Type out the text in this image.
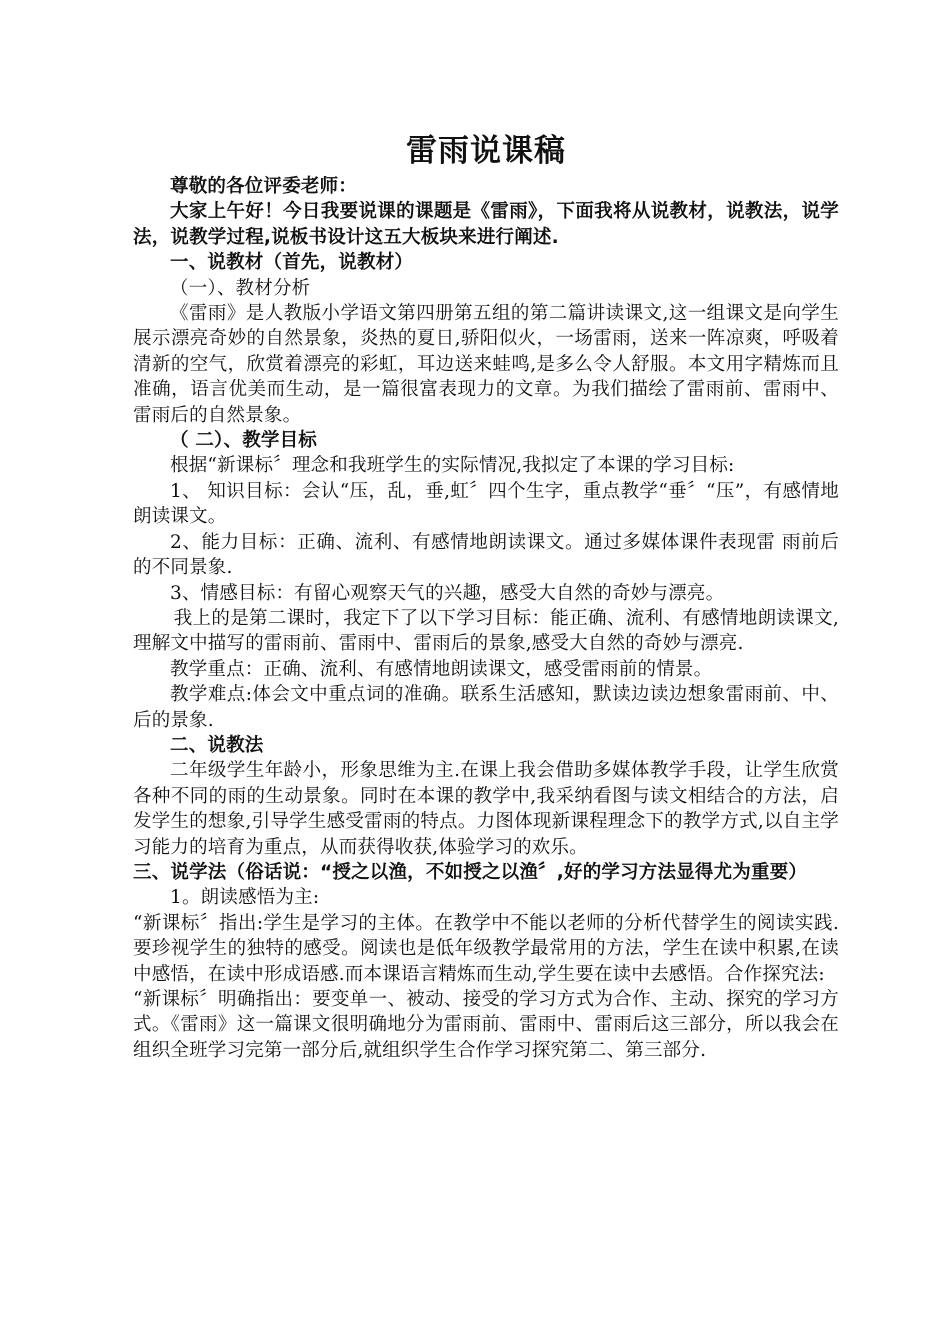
雷雨说课稿

尊敬的各位评委老师：

大家上午好！今日我要说课的课题是《雷雨》，下面我将从说教材，说教法，说学法，说教学过程,说板书设计这五大板块来进行阐述.

一、说教材（首先，说教材）

（一）、教材分析

《雷雨》是人教版小学语文第四册第五组的第二篇讲读课文,这一组课文是向学生展示漂亮奇妙的自然景象，炎热的夏日,骄阳似火，一场雷雨，送来一阵凉爽，呼吸着清新的空气，欣赏着漂亮的彩虹，耳边送来蛙鸣,是多么令人舒服。本文用字精炼而且准确，语言优美而生动，是一篇很富表现力的文章。为我们描绘了雷雨前、雷雨中、雷雨后的自然景象。

（ 二）、教学目标

根据“新课标〞理念和我班学生的实际情况,我拟定了本课的学习目标:

1、 知识目标：会认“压，乱，垂,虹〞四个生字，重点教学“垂〞“压”，有感情地朗读课文。

2、能力目标：正确、流利、有感情地朗读课文。通过多媒体课件表现雷 雨前后的不同景象.

3、情感目标：有留心观察天气的兴趣，感受大自然的奇妙与漂亮。

我上的是第二课时，我定下了以下学习目标：能正确、流利、有感情地朗读课文,理解文中描写的雷雨前、雷雨中、雷雨后的景象,感受大自然的奇妙与漂亮.

教学重点：正确、流利、有感情地朗读课文，感受雷雨前的情景。

教学难点:体会文中重点词的准确。联系生活感知，默读边读边想象雷雨前、中、后的景象.

二、说教法

二年级学生年龄小，形象思维为主.在课上我会借助多媒体教学手段，让学生欣赏各种不同的雨的生动景象。同时在本课的教学中,我采纳看图与读文相结合的方法，启发学生的想象,引导学生感受雷雨的特点。力图体现新课程理念下的教学方式,以自主学习能力的培育为重点，从而获得收获,体验学习的欢乐。

三、说学法（俗话说：“授之以渔，不如授之以渔〞,好的学习方法显得尤为重要）

1。朗读感悟为主:

“新课标〞指出:学生是学习的主体。在教学中不能以老师的分析代替学生的阅读实践.要珍视学生的独特的感受。阅读也是低年级教学最常用的方法，学生在读中积累,在读中感悟，在读中形成语感.而本课语言精炼而生动,学生要在读中去感悟。合作探究法:

“新课标〞明确指出：要变单一、被动、接受的学习方式为合作、主动、探究的学习方式。《雷雨》这一篇课文很明确地分为雷雨前、雷雨中、雷雨后这三部分，所以我会在组织全班学习完第一部分后,就组织学生合作学习探究第二、第三部分.
